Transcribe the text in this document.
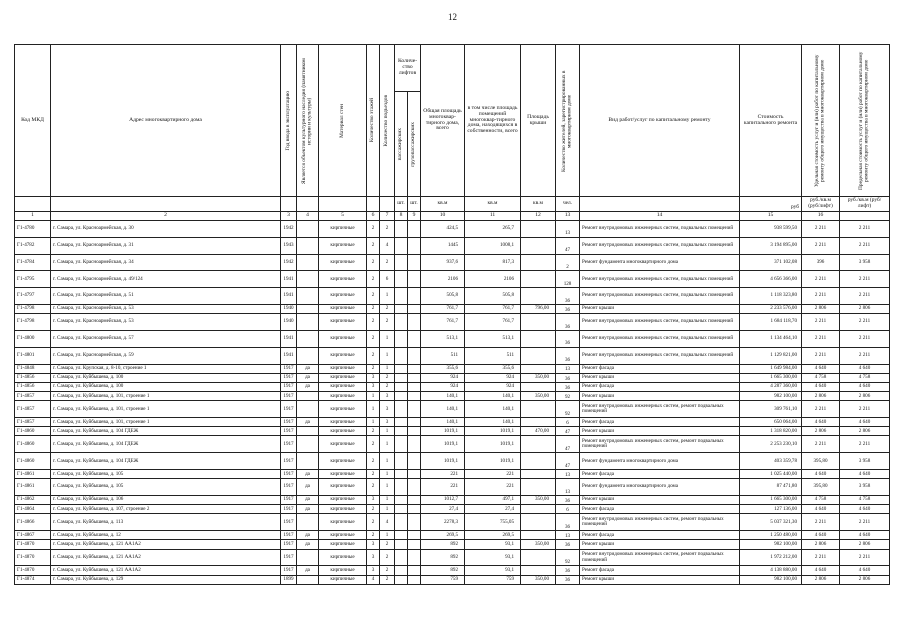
12
Код МКД	Адрес многоквартирного дома	Год ввода в эксплуатацию	Является объектом культурного наследия (памятником истории и культуры)	Материал стен	Количество этажей	Количество подъездов	Количе-ство лифтов		Общая площадь многоквар-тирного дома, всего	в том числе площадь помещений многоквар-тирного дома, находящихся в собственности, всего	Площадь крыши	Количество жителей, зарегистрированных в многоквартирном доме	Вид работ/услуг по капитальному ремонту	Стоимость капитального ремонта	Удельная стоимость услуг и (или) работ по капитальному ремонту общего имущества в многоквартирном доме	Предельная стоимость услуг и (или) работ по капитальному ремонту общего имущества в многоквартирном доме

							пассажирских	грузопассажирских								

							шт.	шт.	кв.м	кв.м	кв.м	чел.		руб	руб./кв.м (руб/лифт)	руб./кв.м (руб/лифт)
1	2	3	4	5	6	7	8	9	10	11	12	13	14	15	16	
Г1-4780	г. Самара, ул. Красноармейская, д. 30	1942		кирпичные	2	2			424,5	265,7		13	Ремонт внутридомовых инженерных систем, подвальных помещений	938 599,50	2 211	2 211
Г1-4782	г. Самара, ул. Красноармейская, д. 31	1943		кирпичные	2	4			1445	1008,1		47	Ремонт внутридомовых инженерных систем, подвальных помещений	3 194 895,00	2 211	2 211
Г1-4784	г. Самара, ул. Красноармейская, д. 34	1942		кирпичные	2	2			937,6	817,3		2	Ремонт фундамента многоквартирного дома	371 102,08	396	3 958
Г1-4795	г. Самара, ул. Красноармейская, д. 49/124	1941		кирпичные	2	6			2106	2106		128	Ремонт внутридомовых инженерных систем, подвальных помещений	4 656 366,00	2 211	2 211
Г1-4797	г. Самара, ул. Красноармейская, д. 51	1941		кирпичные	2	1			505,8	505,8		36	Ремонт внутридомовых инженерных систем, подвальных помещений	1 118 323,80	2 211	2 211
Г1-4798	г. Самара, ул. Красноармейская, д. 53	1940		кирпичные	2	2			761,7	761,7	796,00	36	Ремонт крыши	2 233 576,00	2 806	2 806
Г1-4798	г. Самара, ул. Красноармейская, д. 53	1940		кирпичные	2	2			761,7	761,7		36	Ремонт внутридомовых инженерных систем, подвальных помещений	1 684 118,70	2 211	2 211
Г1-4800	г. Самара, ул. Красноармейская, д. 57	1941		кирпичные	2	1			513,1	513,1		36	Ремонт внутридомовых инженерных систем, подвальных помещений	1 134 464,10	2 211	2 211
Г1-4801	г. Самара, ул. Красноармейская, д. 59	1941		кирпичные	2	1			511	511		36	Ремонт внутридомовых инженерных систем, подвальных помещений	1 129 821,00	2 211	2 211
Г1-4848	г. Самара, ул. Крупская, д. 8-10, строение 1	1917	да	кирпичные	2	1			355,6	355,6		13	Ремонт фасада	1 649 984,00	4 640	4 640
Г1-4856	г. Самара, ул. Куйбышева, д. 100	1917	да	кирпичные	3	2			924	924	350,00	36	Ремонт крыши	1 665 300,00	4 758	4 758
Г1-4856	г. Самара, ул. Куйбышева, д. 100	1917	да	кирпичные	3	2			924	924		36	Ремонт фасада	4 287 360,00	4 640	4 640
Г1-4857	г. Самара, ул. Куйбышева, д. 101, строение 1	1917		кирпичные	1	3			140,1	140,1	350,00	92	Ремонт крыши	982 100,00	2 806	2 806
Г1-4857	г. Самара, ул. Куйбышева, д. 101, строение 1	1917		кирпичные	1	3			140,1	140,1		92	Ремонт внутридомовых инженерных систем, ремонт подвальных помещений	309 761,10	2 211	2 211
Г1-4857	г. Самара, ул. Куйбышева, д. 101, строение 1	1917	да	кирпичные	1	3			140,1	140,1		6	Ремонт фасада	650 064,00	4 640	4 640
Г1-4860	г. Самара, ул. Куйбышева, д. 104 ГДЕЖ	1917		кирпичные	2	1			1019,1	1019,1	470,00	47	Ремонт крыши	1 318 820,00	2 806	2 806
Г1-4860	г. Самара, ул. Куйбышева, д. 104 ГДЕЖ	1917		кирпичные	2	1			1019,1	1019,1		47	Ремонт внутридомовых инженерных систем, ремонт подвальных помещений	2 253 230,10	2 211	2 211
Г1-4860	г. Самара, ул. Куйбышева, д. 104 ГДЕЖ	1917		кирпичные	2	1			1019,1	1019,1		47	Ремонт фундамента многоквартирного дома	403 359,78	395,80	3 958
Г1-4861	г. Самара, ул. Куйбышева, д. 105	1917	да	кирпичные	2	1			221	221		13	Ремонт фасада	1 025 440,00	4 640	4 640
Г1-4861	г. Самара, ул. Куйбышева, д. 105	1917	да	кирпичные	2	1			221	221		13	Ремонт фундамента многоквартирного дома	87 471,80	395,80	3 958
Г1-4862	г. Самара, ул. Куйбышева, д. 106	1917	да	кирпичные	3	1			1012,7	497,1	350,00	36	Ремонт крыши	1 665 300,00	4 758	4 758
Г1-4864	г. Самара, ул. Куйбышева, д. 107, строение 2	1917	да	кирпичные	2	1			27,4	27,4		6	Ремонт фасада	127 136,00	4 640	4 640
Г1-4866	г. Самара, ул. Куйбышева, д. 113	1917		кирпичные	2	4			2278,3	755,05		36	Ремонт внутридомовых инженерных систем, ремонт подвальных помещений	5 037 321,30	2 211	2 211
Г1-4867	г. Самара, ул. Куйбышева, д. 12	1917	да	кирпичные	2	1			269,5	269,5		13	Ремонт фасада	1 250 480,00	4 640	4 640
Г1-4870	г. Самара, ул. Куйбышева, д. 121 АА1А2	1917	да	кирпичные	3	2			892	93,1	350,00	36	Ремонт крыши	982 100,00	2 806	2 806
Г1-4870	г. Самара, ул. Куйбышева, д. 121 АА1А2	1917		кирпичные	3	2			892	93,1		92	Ремонт внутридомовых инженерных систем, ремонт подвальных помещений	1 972 212,00	2 211	2 211
Г1-4870	г. Самара, ул. Куйбышева, д. 121 АА1А2	1917	да	кирпичные	3	2			892	93,1		36	Ремонт фасада	4 138 880,00	4 640	4 640
Г1-4874	г. Самара, ул. Куйбышева, д. 129	1899		кирпичные	4	2			759	759	350,00	36	Ремонт крыши	982 100,00	2 806	2 806
